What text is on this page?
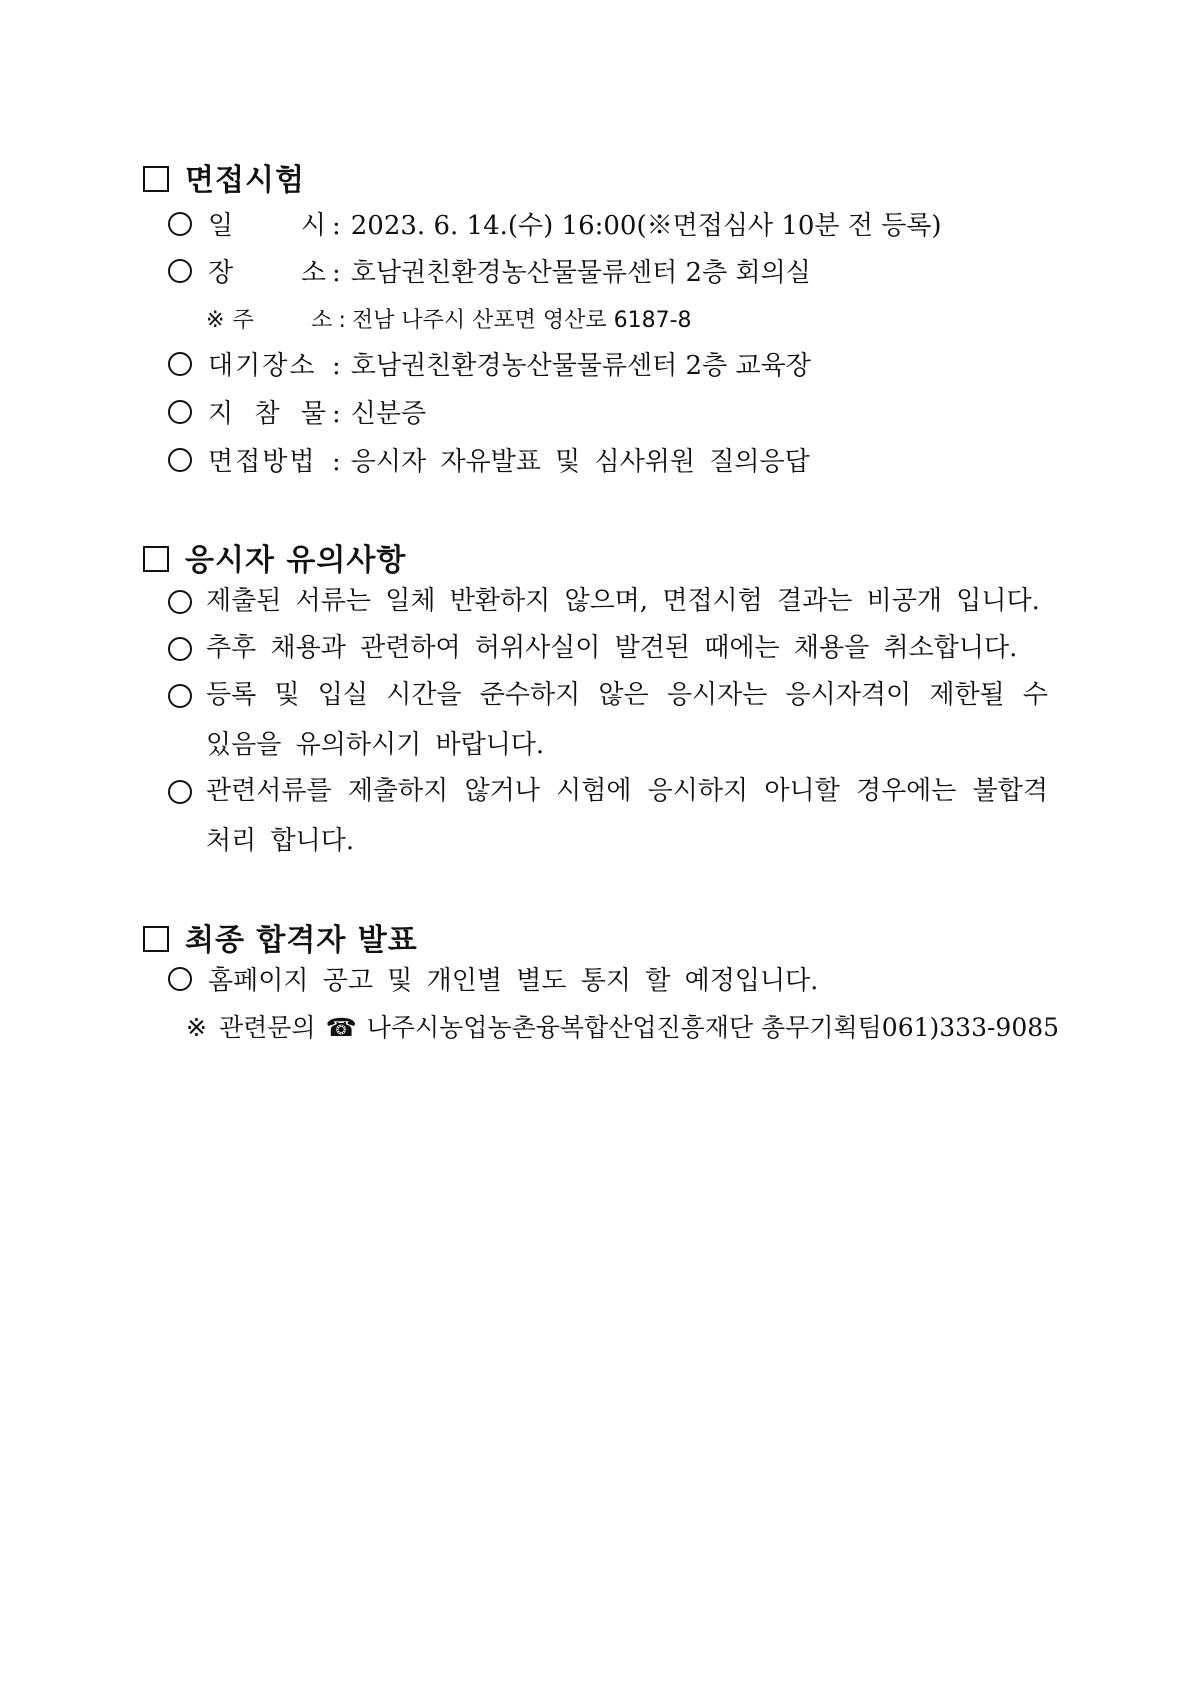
면접시험
일	시 : 2023. 6. 14.(수) 16:00(※면접심사 10분 전 등록)
장	소 : 호남권친환경농산물물류센터 2층 회의실
※ 주	소 : 전남 나주시 산포면 영산로 6187-8
대기장소 : 호남권친환경농산물물류센터 2층 교육장
지 참 물 : 신분증
면접방법 : 응시자 자유발표 및 심사위원 질의응답
응시자 유의사항
제출된 서류는 일체 반환하지 않으며, 면접시험 결과는 비공개 입니다.
추후 채용과 관련하여 허위사실이 발견된 때에는 채용을 취소합니다.
등록 및 입실 시간을 준수하지 않은 응시자는 응시자격이 제한될 수 있음을 유의하시기 바랍니다.
관련서류를 제출하지 않거나 시험에 응시하지 아니할 경우에는 불합격 처리 합니다.
최종 합격자 발표
홈페이지 공고 및 개인별 별도 통지 할 예정입니다.
※ 관련문의 ☎ 나주시농업농촌융복합산업진흥재단 총무기획팀061)333-9085
